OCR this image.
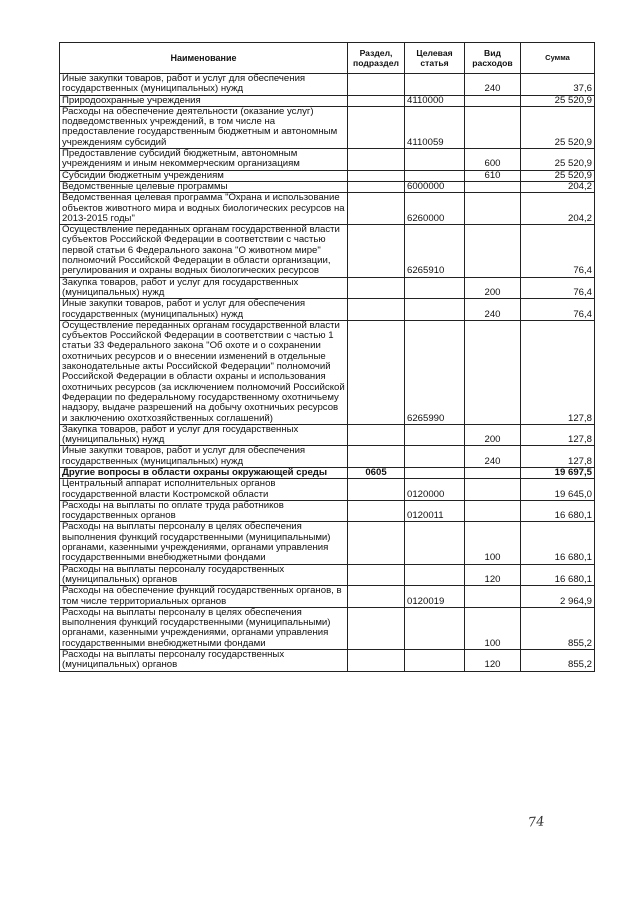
Наименование	Раздел, подраздел	Целевая статья	Вид расходов	Сумма
Иные закупки товаров, работ и услуг для обеспечения государственных (муниципальных) нужд			240	37,6
Природоохранные учреждения		4110000		25 520,9
Расходы на обеспечение деятельности (оказание услуг) подведомственных учреждений, в том числе на предоставление государственным бюджетным и автономным учреждениям субсидий		4110059		25 520,9
Предоставление субсидий бюджетным, автономным учреждениям и иным некоммерческим организациям			600	25 520,9
Субсидии бюджетным учреждениям			610	25 520,9
Ведомственные целевые программы		6000000		204,2
Ведомственная целевая программа "Охрана и использование объектов животного мира и водных биологических ресурсов на 2013-2015 годы"		6260000		204,2
Осуществление переданных органам государственной власти субъектов Российской Федерации в соответствии с частью первой статьи 6 Федерального закона "О животном мире" полномочий Российской Федерации в области организации, регулирования и охраны водных биологических ресурсов		6265910		76,4
Закупка товаров, работ и услуг для государственных (муниципальных) нужд			200	76,4
Иные закупки товаров, работ и услуг для обеспечения государственных (муниципальных) нужд			240	76,4
Осуществление переданных органам государственной власти субъектов Российской Федерации в соответствии с частью 1 статьи 33 Федерального закона "Об охоте и о сохранении охотничьих ресурсов и о внесении изменений в отдельные законодательные акты Российской Федерации" полномочий Российской Федерации в области охраны и использования охотничьих ресурсов (за исключением полномочий Российской Федерации по федеральному государственному охотничьему надзору, выдаче разрешений на добычу охотничьих ресурсов и заключению охотхозяйственных соглашений)		6265990		127,8
Закупка товаров, работ и услуг для государственных (муниципальных) нужд			200	127,8
Иные закупки товаров, работ и услуг для обеспечения государственных (муниципальных) нужд			240	127,8
Другие вопросы в области охраны окружающей среды	0605			19 697,5
Центральный аппарат исполнительных органов государственной власти Костромской области		0120000		19 645,0
Расходы на выплаты по оплате труда работников государственных органов		0120011		16 680,1
Расходы на выплаты персоналу в целях обеспечения выполнения функций государственными (муниципальными) органами, казенными учреждениями, органами управления государственными внебюджетными фондами			100	16 680,1
Расходы на выплаты персоналу государственных (муниципальных) органов			120	16 680,1
Расходы на обеспечение функций государственных органов, в том числе территориальных органов		0120019		2 964,9
Расходы на выплаты персоналу в целях обеспечения выполнения функций государственными (муниципальными) органами, казенными учреждениями, органами управления государственными внебюджетными фондами			100	855,2
Расходы на выплаты персоналу государственных (муниципальных) органов			120	855,2
74
